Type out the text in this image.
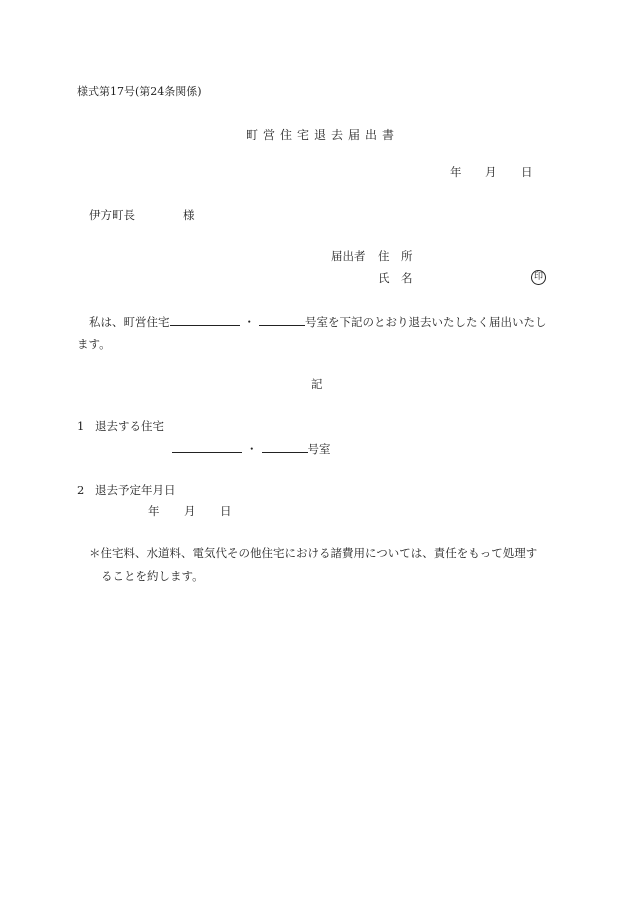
様式第17号(第24条関係)
町営住宅退去届出書
年 月 日
伊方町長	様
届出者 住　所
氏　名	印
私は、町営住宅	・	号室を下記のとおり退去いたしたく届出いたし
ます。
記
1 退去する住宅
・	号室
2 退去予定年月日
年 月 日
＊住宅料、水道料、電気代その他住宅における諸費用については、責任をもって処理す
ることを約します。
